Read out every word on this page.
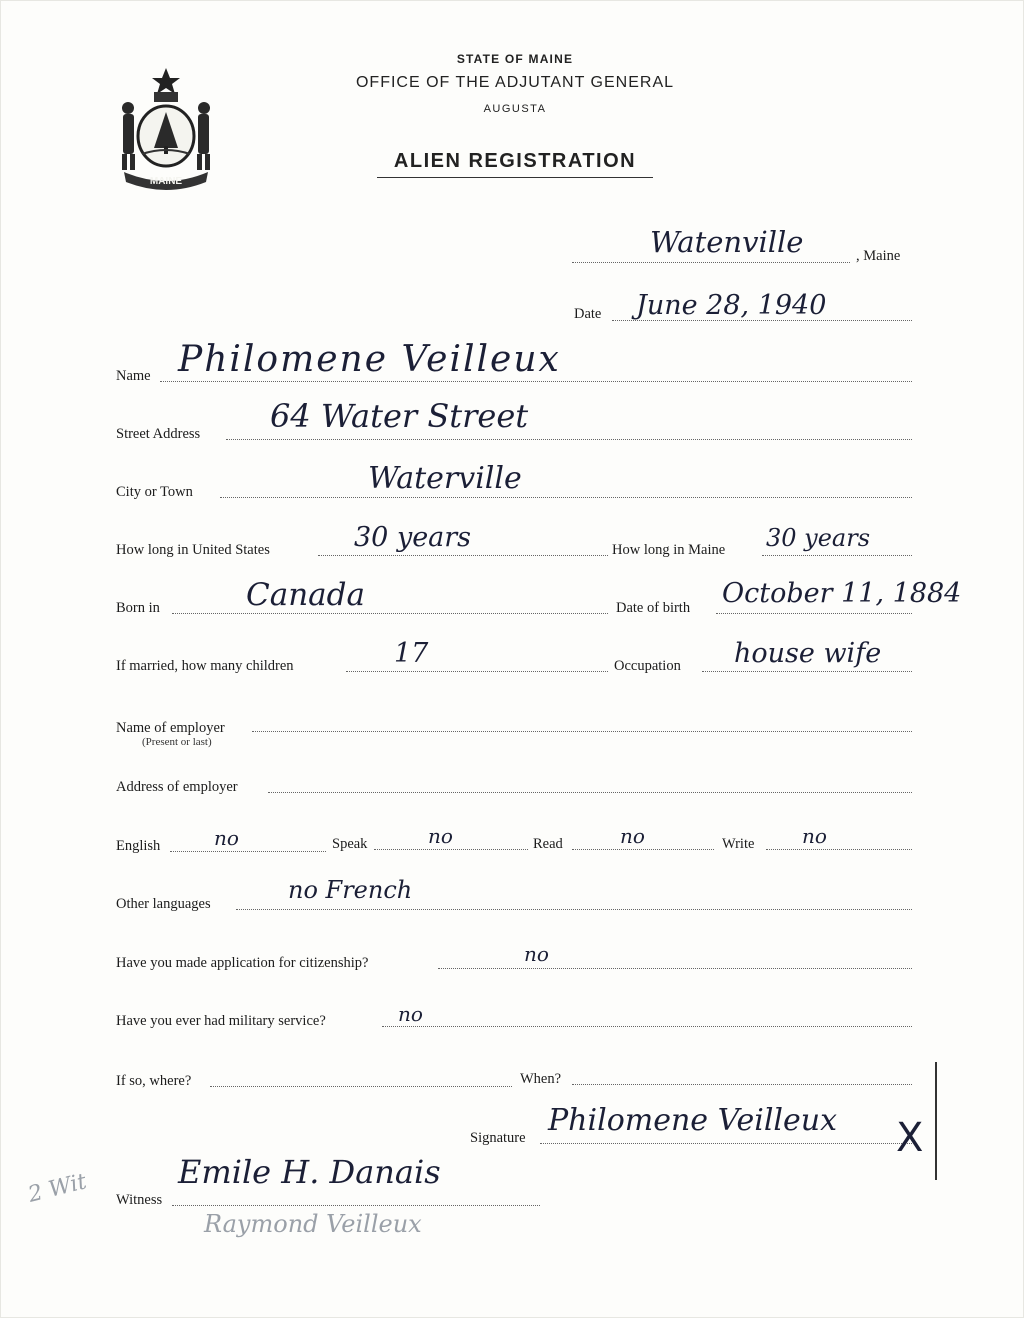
MAINE
STATE OF MAINE
OFFICE OF THE ADJUTANT GENERAL
AUGUSTA
ALIEN REGISTRATION
Watenville	, Maine
Date June 28, 1940
Name Philomene Veilleux
Street Address 64 Water Street
City or Town	Waterville
How long in United States	30 years	How long in Maine 30 years
Born in	Canada	Date of birth October 11, 1884
If married, how many children	17	Occupation house wife
Name of employer
(Present or last)
Address of employer
English	no	Speak	no	Read	no	Write no
Other languages	no French
Have you made application for citizenship?	no
Have you ever had military service?	no
If so, where?	When?
Signature Philomene Veilleux X
Witness
Emile H. Danais
Raymond Veilleux
2 Wit
